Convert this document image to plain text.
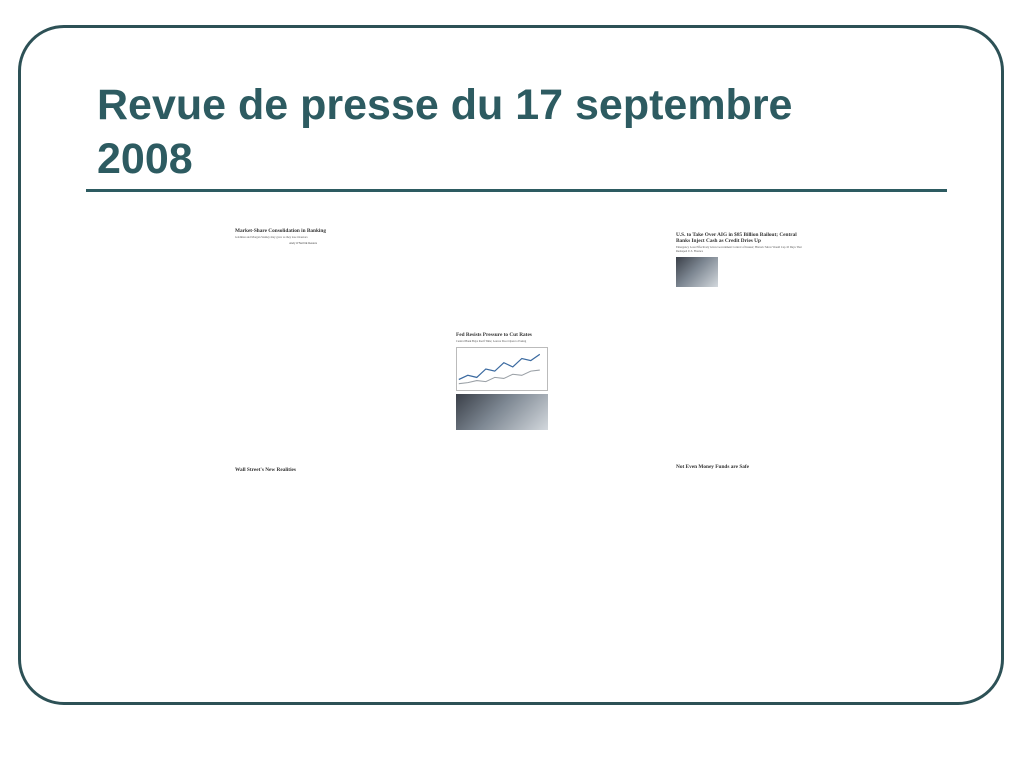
Revue de presse du 17 septembre 2008

Market-Share Consolidation in Banking

Goldman and Morgan Stanley may grow as they lose investors

Andy O'Neill & Reuters

Wall Street's New Realities

Fed Resists Pressure to Cut Rates

Central Bank Buys Itself Time; Leaves Door Open to Easing

U.S. to Take Over AIG in $85 Billion Bailout; Central Banks Inject Cash as Credit Dries Up

Emergency Loan Effectively Gives Government Control of Insurer; Historic Move Would Cap 10 Days That Reshaped U.S. Finance

Not Even Money Funds are Safe
